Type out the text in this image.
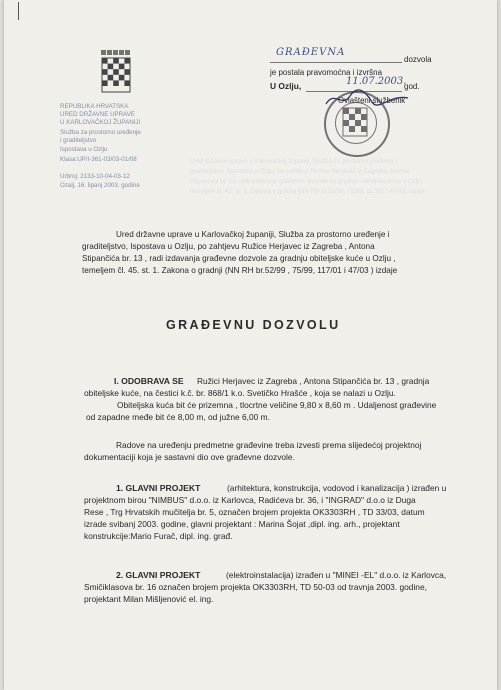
GRAĐEVNA
dozvola
je postala pravomoćna i izvršna
U Ozlju,	11.07.2003.
god.
Ovlašteni službenik
REPUBLIKA HRVATSKA
URED DRŽAVNE UPRAVE
U KARLOVAČKOJ ŽUPANIJI
Služba za prostorno uređenje
i graditeljstvo
Ispostava u Ozlju
Klasa:UP/I-361-03/03-01/08
Urbroj: 2133-10-04-03-12
Ozalj, 16. lipanj 2003. godine
Ured državne uprave u Karlovačkoj županiji, Služba za prostorno uređenje i
graditeljstvo, Ispostava u Ozlju, po zahtjevu Ružice Herjavec iz Zagreba, Antona
Stipančića br. 13, radi izdavanja građevne dozvole za gradnju obiteljske kuće u Ozlju,
temeljem čl. 45. st. 1. Zakona o gradnji (NN RH br.52/99, 75/99, 117/01 i 47/03) izdaje
Ured državne uprave u Karlovačkoj županiji, Služba za prostorno uređenje i
graditeljstvo, Ispostava u Ozlju, po zahtjevu Ružice Herjavec iz Zagreba , Antona
Stipančića br. 13 , radi izdavanja građevne dozvole za gradnju obiteljske kuće u Ozlju ,
temeljem čl. 45. st. 1. Zakona o gradnji (NN RH br.52/99 , 75/99, 117/01 i 47/03 ) izdaje
GRAĐEVNU DOZVOLU
I. ODOBRAVA SE Ružici Herjavec iz Zagreba , Antona Stipančića br. 13 , gradnja
obiteljske kuće, na čestici k.č. br. 868/1 k.o. Svetičko Hrašće , koja se nalazi u Ozlju.
Obiteljska kuća bit će prizemna , tlocrtne veličine 9,80 x 8,60 m . Udaljenost građevine
od zapadne međe bit će 8,00 m, od južne 6,00 m.
Radove na uređenju predmetne građevine treba izvesti prema slijedećoj projektnoj
dokumentaciji koja je sastavni dio ove građevne dozvole.
1. GLAVNI PROJEKT	(arhitektura, konstrukcija, vodovod i kanalizacija ) izrađen u
projektnom birou "NIMBUS" d.o.o. iz Karlovca, Radićeva br. 36, i "INGRAD" d.o.o iz Duga
Rese , Trg Hrvatskih mučitelja br. 5, označen brojem projekta OK3303RH , TD 33/03, datum
izrade svibanj 2003. godine, glavni projektant : Marina Šojat ,dipl. ing. arh., projektant
konstrukcije:Mario Furač, dipl. ing. građ.
2. GLAVNI PROJEKT	(elektroinstalacija) izrađen u "MINEI -EL" d.o.o. iz Karlovca,
Smičiklasova br. 16 označen brojem projekta OK3303RH, TD 50-03 od travnja 2003. godine,
projektant Milan Mišljenović el. ing.
